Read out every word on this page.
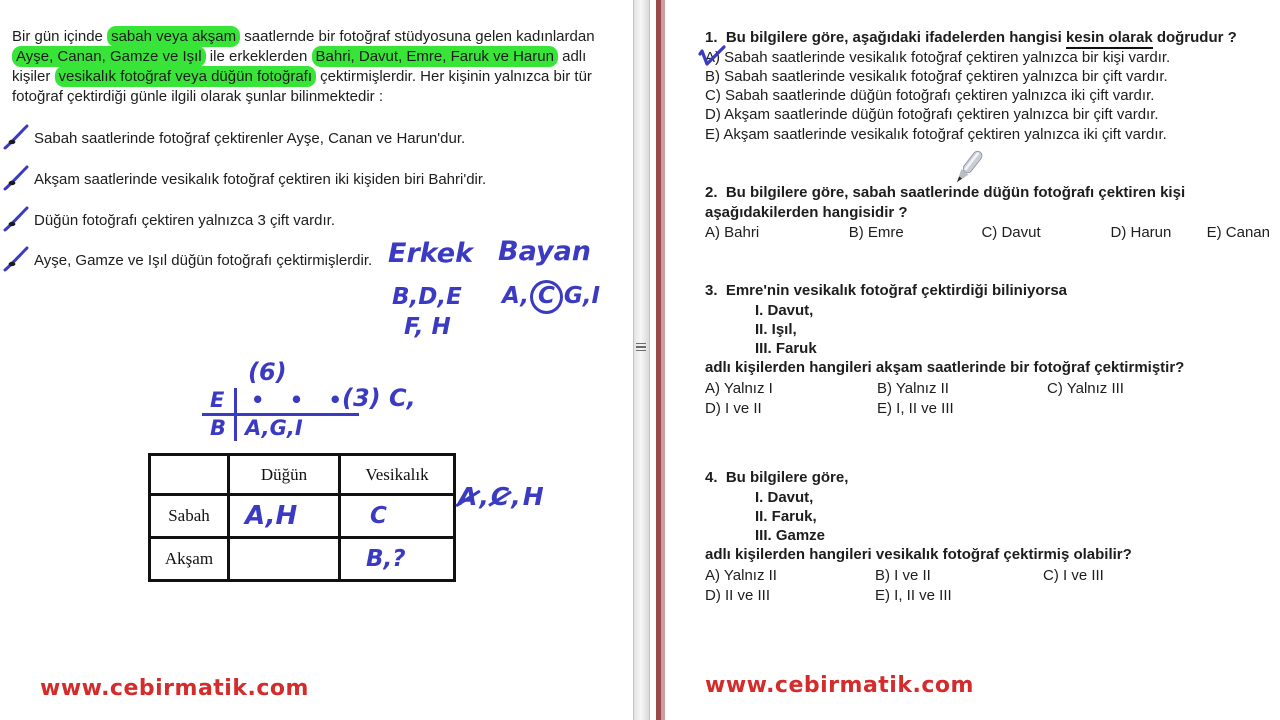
Bir gün içinde sabah veya akşam saatlernde bir fotoğraf stüdyosuna gelen kadınlardan
Ayşe, Canan, Gamze ve Işıl ile erkeklerden Bahri, Davut, Emre, Faruk ve Harun adlı
kişiler vesikalık fotoğraf veya düğün fotoğrafı çektirmişlerdir. Her kişinin yalnızca bir tür
fotoğraf çektirdiği günle ilgili olarak şunlar bilinmektedir :
Sabah saatlerinde fotoğraf çektirenler Ayşe, Canan ve Harun'dur.
Akşam saatlerinde vesikalık fotoğraf çektiren iki kişiden biri Bahri'dir.
Düğün fotoğrafı çektiren yalnızca 3 çift vardır.
Ayşe, Gamze ve Işıl düğün fotoğrafı çektirmişlerdir. Erkek Bayan
B,D,E
F, H
A, C G,I
(6)
E	• • •
B A,G,I
(3) C,
	Düğün	Vesikalık
Sabah	A,H	C

Akşam		B,?
A,C,H
www.cebirmatik.com
1.  Bu bilgilere göre, aşağıdaki ifadelerden hangisi kesin olarak doğrudur ?
A) Sabah saatlerinde vesikalık fotoğraf çektiren yalnızca bir kişi vardır.
B) Sabah saatlerinde vesikalık fotoğraf çektiren yalnızca bir çift vardır.
C) Sabah saatlerinde düğün fotoğrafı çektiren yalnızca iki çift vardır.
D) Akşam saatlerinde düğün fotoğrafı çektiren yalnızca bir çift vardır.
E) Akşam saatlerinde vesikalık fotoğraf çektiren yalnızca iki çift vardır.
2.  Bu bilgilere göre, sabah saatlerinde düğün fotoğrafı çektiren kişi
aşağıdakilerden hangisidir ?
A) Bahri	B) Emre	C) Davut	D) Harun	E) Canan
3.  Emre'nin vesikalık fotoğraf çektirdiği biliniyorsa
I. Davut,
II. Işıl,
III. Faruk
adlı kişilerden hangileri akşam saatlerinde bir fotoğraf çektirmiştir?
A) Yalnız I	B) Yalnız II	C) Yalnız III
D) I ve II	E) I, II ve III
4.  Bu bilgilere göre,
I. Davut,
II. Faruk,
III. Gamze
adlı kişilerden hangileri vesikalık fotoğraf çektirmiş olabilir?
A) Yalnız II	B) I ve II	C) I ve III
D) II ve III	E) I, II ve III
www.cebirmatik.com
